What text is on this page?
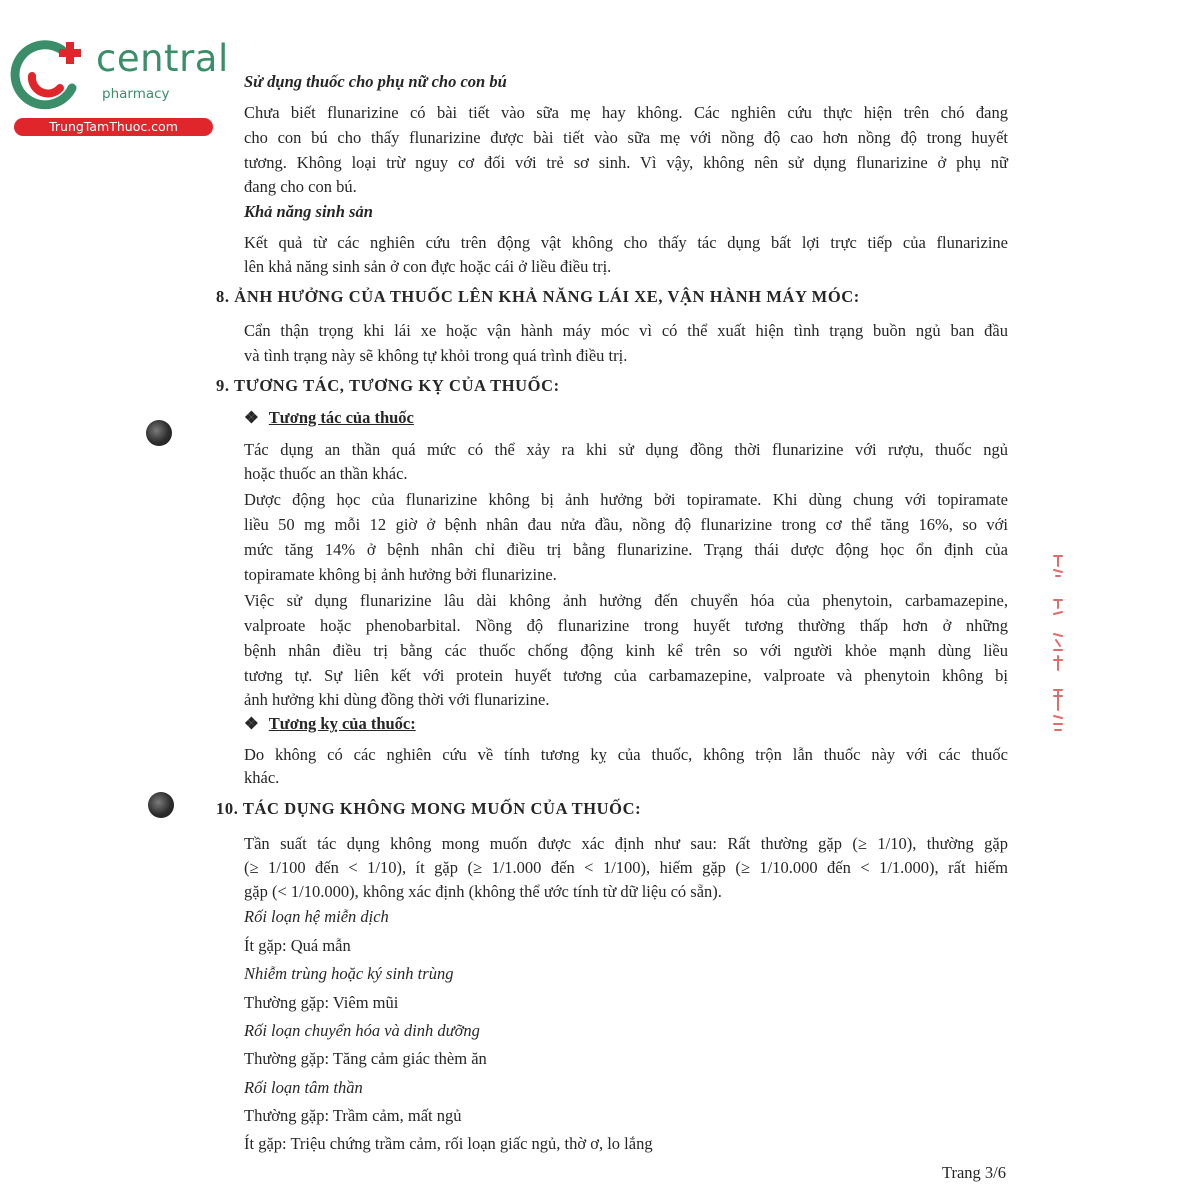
central
pharmacy
TrungTamThuoc.com
Sử dụng thuốc cho phụ nữ cho con bú
Chưa biết flunarizine có bài tiết vào sữa mẹ hay không. Các nghiên cứu thực hiện trên chó đang
cho con bú cho thấy flunarizine được bài tiết vào sữa mẹ với nồng độ cao hơn nồng độ trong huyết
tương. Không loại trừ nguy cơ đối với trẻ sơ sinh. Vì vậy, không nên sử dụng flunarizine ở phụ nữ
đang cho con bú.
Khả năng sinh sản
Kết quả từ các nghiên cứu trên động vật không cho thấy tác dụng bất lợi trực tiếp của flunarizine
lên khả năng sinh sản ở con đực hoặc cái ở liều điều trị.
8. ẢNH HƯỞNG CỦA THUỐC LÊN KHẢ NĂNG LÁI XE, VẬN HÀNH MÁY MÓC:
Cẩn thận trọng khi lái xe hoặc vận hành máy móc vì có thể xuất hiện tình trạng buồn ngủ ban đầu
và tình trạng này sẽ không tự khỏi trong quá trình điều trị.
9. TƯƠNG TÁC, TƯƠNG KỴ CỦA THUỐC:
❖ Tương tác của thuốc
Tác dụng an thần quá mức có thể xảy ra khi sử dụng đồng thời flunarizine với rượu, thuốc ngủ
hoặc thuốc an thần khác.
Dược động học của flunarizine không bị ảnh hưởng bởi topiramate. Khi dùng chung với topiramate
liều 50 mg mỗi 12 giờ ở bệnh nhân đau nửa đầu, nồng độ flunarizine trong cơ thể tăng 16%, so với
mức tăng 14% ở bệnh nhân chỉ điều trị bằng flunarizine. Trạng thái dược động học ổn định của
topiramate không bị ảnh hưởng bởi flunarizine.
Việc sử dụng flunarizine lâu dài không ảnh hưởng đến chuyển hóa của phenytoin, carbamazepine,
valproate hoặc phenobarbital. Nồng độ flunarizine trong huyết tương thường thấp hơn ở những
bệnh nhân điều trị bằng các thuốc chống động kinh kể trên so với người khỏe mạnh dùng liều
tương tự. Sự liên kết với protein huyết tương của carbamazepine, valproate và phenytoin không bị
ảnh hưởng khi dùng đồng thời với flunarizine.
❖ Tương kỵ của thuốc:
Do không có các nghiên cứu về tính tương kỵ của thuốc, không trộn lẫn thuốc này với các thuốc
khác.
10. TÁC DỤNG KHÔNG MONG MUỐN CỦA THUỐC:
Tần suất tác dụng không mong muốn được xác định như sau: Rất thường gặp (≥ 1/10), thường gặp
(≥ 1/100 đến < 1/10), ít gặp (≥ 1/1.000 đến < 1/100), hiếm gặp (≥ 1/10.000 đến < 1/1.000), rất hiếm
gặp (< 1/10.000), không xác định (không thể ước tính từ dữ liệu có sẵn).
Rối loạn hệ miễn dịch
Ít gặp: Quá mẫn
Nhiễm trùng hoặc ký sinh trùng
Thường gặp: Viêm mũi
Rối loạn chuyển hóa và dinh dưỡng
Thường gặp: Tăng cảm giác thèm ăn
Rối loạn tâm thần
Thường gặp: Trầm cảm, mất ngủ
Ít gặp: Triệu chứng trầm cảm, rối loạn giấc ngủ, thờ ơ, lo lắng
Trang 3/6
